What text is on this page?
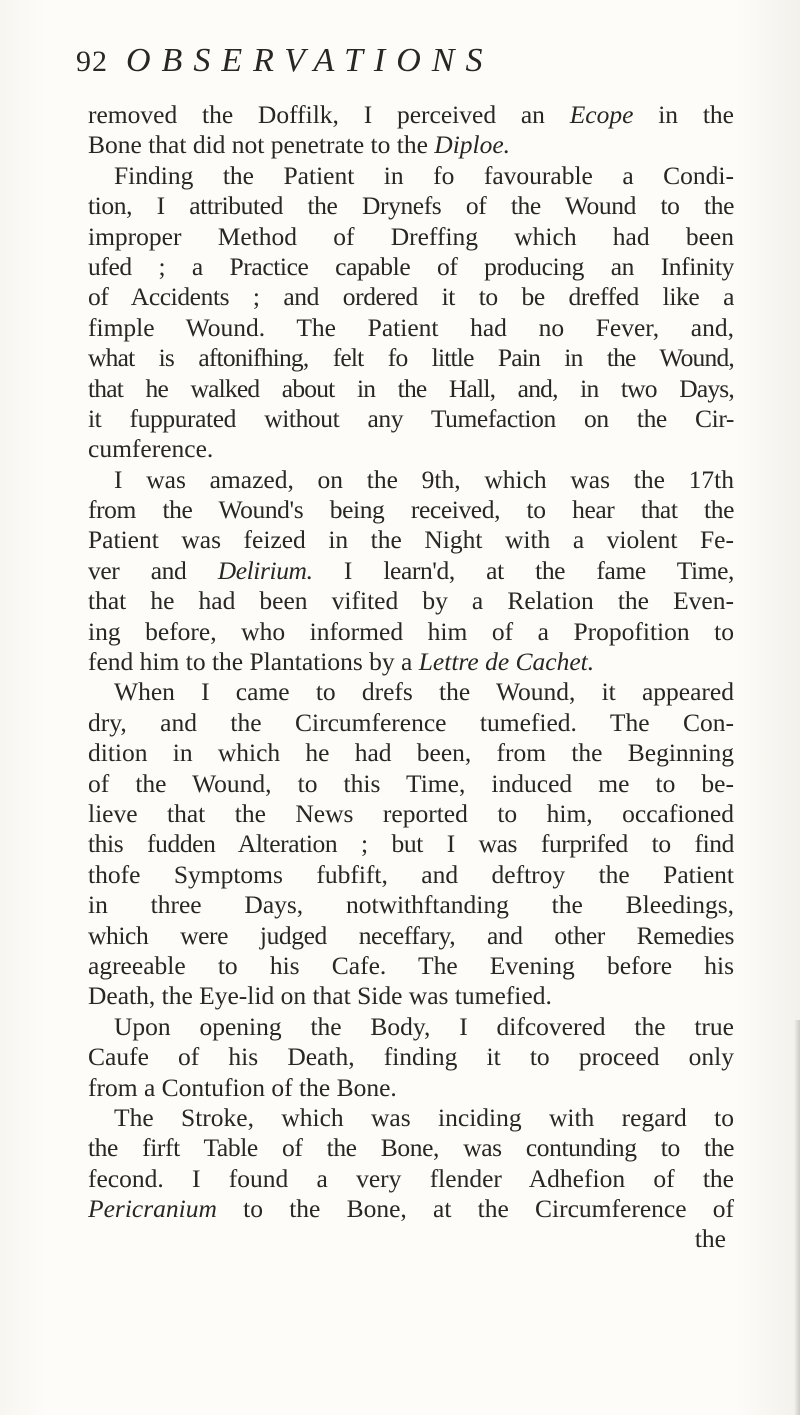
92 OBSERVATIONS
removed the Doffilk, I perceived an Ecope in the
Bone that did not penetrate to the Diploe.
Finding the Patient in fo favourable a Condi-
tion, I attributed the Drynefs of the Wound to the
improper Method of Dreffing which had been
ufed ; a Practice capable of producing an Infinity
of Accidents ; and ordered it to be dreffed like a
fimple Wound. The Patient had no Fever, and,
what is aftonifhing, felt fo little Pain in the Wound,
that he walked about in the Hall, and, in two Days,
it fuppurated without any Tumefaction on the Cir-
cumference.
I was amazed, on the 9th, which was the 17th
from the Wound's being received, to hear that the
Patient was feized in the Night with a violent Fe-
ver and Delirium. I learn'd, at the fame Time,
that he had been vifited by a Relation the Even-
ing before, who informed him of a Propofition to
fend him to the Plantations by a Lettre de Cachet.
When I came to drefs the Wound, it appeared
dry, and the Circumference tumefied. The Con-
dition in which he had been, from the Beginning
of the Wound, to this Time, induced me to be-
lieve that the News reported to him, occafioned
this fudden Alteration ; but I was furprifed to find
thofe Symptoms fubfift, and deftroy the Patient
in three Days, notwithftanding the Bleedings,
which were judged neceffary, and other Remedies
agreeable to his Cafe. The Evening before his
Death, the Eye-lid on that Side was tumefied.
Upon opening the Body, I difcovered the true
Caufe of his Death, finding it to proceed only
from a Contufion of the Bone.
The Stroke, which was inciding with regard to
the firft Table of the Bone, was contunding to the
fecond. I found a very flender Adhefion of the
Pericranium to the Bone, at the Circumference of
the
